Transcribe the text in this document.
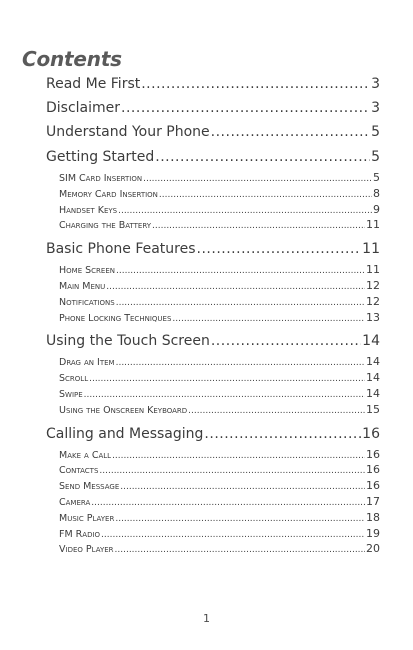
Contents
Read Me First .....	3
Disclaimer .....	3
Understand Your Phone .....	5
Getting Started .....	5
SIM Card Insertion .....	5
Memory Card Insertion .....	8
Handset Keys .....	9
Charging the Battery .....	11
Basic Phone Features .....	11
Home Screen .....	11
Main Menu .....	12
Notifications .....	12
Phone Locking Techniques .....	13
Using the Touch Screen .....	14
Drag an Item .....	14
Scroll .....	14
Swipe .....	14
Using the Onscreen Keyboard .....	15
Calling and Messaging .....	16
Make a Call .....	16
Contacts .....	16
Send Message .....	16
Camera .....	17
Music Player .....	18
FM Radio .....	19
Video Player .....	20
1
